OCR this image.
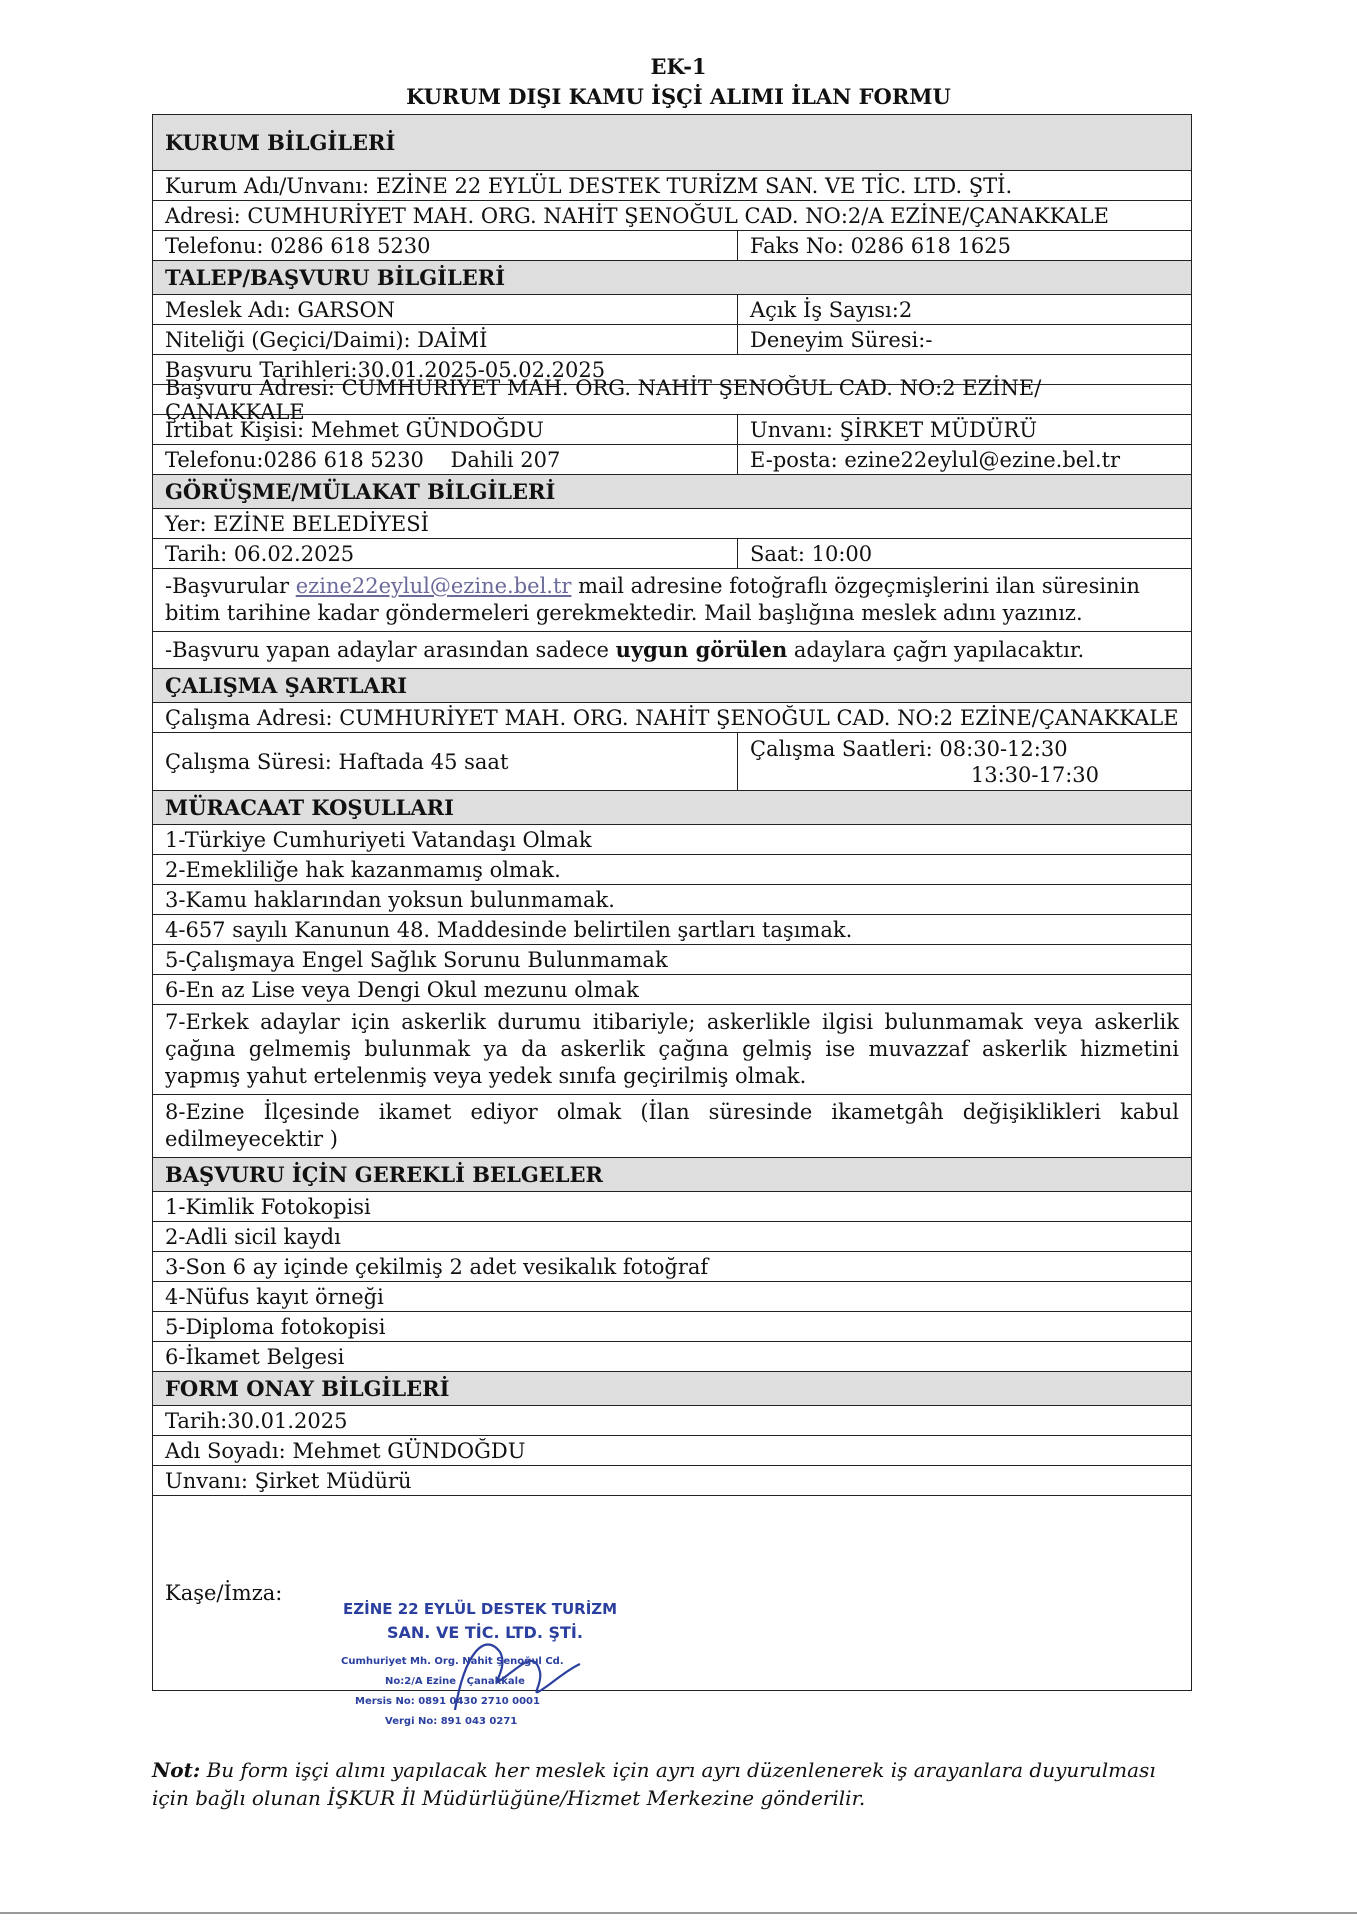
EK-1
KURUM DIŞI KAMU İŞÇİ ALIMI İLAN FORMU
KURUM BİLGİLERİ
Kurum Adı/Unvanı: EZİNE 22 EYLÜL DESTEK TURİZM SAN. VE TİC. LTD. ŞTİ.
Adresi: CUMHURİYET MAH. ORG. NAHİT ŞENOĞUL CAD. NO:2/A EZİNE/ÇANAKKALE
Telefonu: 0286 618 5230	Faks No: 0286 618 1625
TALEP/BAŞVURU BİLGİLERİ
Meslek Adı: GARSON	Açık İş Sayısı:2
Niteliği (Geçici/Daimi): DAİMİ	Deneyim Süresi:-
Başvuru Tarihleri:30.01.2025-05.02.2025
Başvuru Adresi: CUMHURİYET MAH. ORG. NAHİT ŞENOĞUL CAD. NO:2 EZİNE/ÇANAKKALE
İrtibat Kişisi: Mehmet GÜNDOĞDU	Unvanı: ŞİRKET MÜDÜRÜ
Telefonu:0286 618 5230    Dahili 207	E-posta: ezine22eylul@ezine.bel.tr
GÖRÜŞME/MÜLAKAT BİLGİLERİ
Yer: EZİNE BELEDİYESİ
Tarih: 06.02.2025	Saat: 10:00
-Başvurular ezine22eylul@ezine.bel.tr mail adresine fotoğraflı özgeçmişlerini ilan süresinin bitim tarihine kadar göndermeleri gerekmektedir. Mail başlığına meslek adını yazınız.
-Başvuru yapan adaylar arasından sadece uygun görülen adaylara çağrı yapılacaktır.
ÇALIŞMA ŞARTLARI
Çalışma Adresi: CUMHURİYET MAH. ORG. NAHİT ŞENOĞUL CAD. NO:2 EZİNE/ÇANAKKALE
Çalışma Süresi: Haftada 45 saat
Çalışma Saatleri: 08:30-12:30
13:30-17:30
MÜRACAAT KOŞULLARI
1-Türkiye Cumhuriyeti Vatandaşı Olmak
2-Emekliliğe hak kazanmamış olmak.
3-Kamu haklarından yoksun bulunmamak.
4-657 sayılı Kanunun 48. Maddesinde belirtilen şartları taşımak.
5-Çalışmaya Engel Sağlık Sorunu Bulunmamak
6-En az Lise veya Dengi Okul mezunu olmak
7-Erkek adaylar için askerlik durumu itibariyle; askerlikle ilgisi bulunmamak veya askerlik çağına gelmemiş bulunmak ya da askerlik çağına gelmiş ise muvazzaf askerlik hizmetini yapmış yahut ertelenmiş veya yedek sınıfa geçirilmiş olmak.
8-Ezine İlçesinde ikamet ediyor olmak (İlan süresinde ikametgâh değişiklikleri kabul edilmeyecektir )
BAŞVURU İÇİN GEREKLİ BELGELER
1-Kimlik Fotokopisi
2-Adli sicil kaydı
3-Son 6 ay içinde çekilmiş 2 adet vesikalık fotoğraf
4-Nüfus kayıt örneği
5-Diploma fotokopisi
6-İkamet Belgesi
FORM ONAY BİLGİLERİ
Tarih:30.01.2025
Adı Soyadı: Mehmet GÜNDOĞDU
Unvanı: Şirket Müdürü
Kaşe/İmza:
EZİNE 22 EYLÜL DESTEK TURİZM
SAN. VE TİC. LTD. ŞTİ.
Cumhuriyet Mh. Org. Nahit Şenoğul Cd.
No:2/A Ezine / Çanakkale
Mersis No: 0891 0430 2710 0001
Vergi No: 891 043 0271
Not: Bu form işçi alımı yapılacak her meslek için ayrı ayrı düzenlenerek iş arayanlara duyurulması için bağlı olunan İŞKUR İl Müdürlüğüne/Hizmet Merkezine gönderilir.
